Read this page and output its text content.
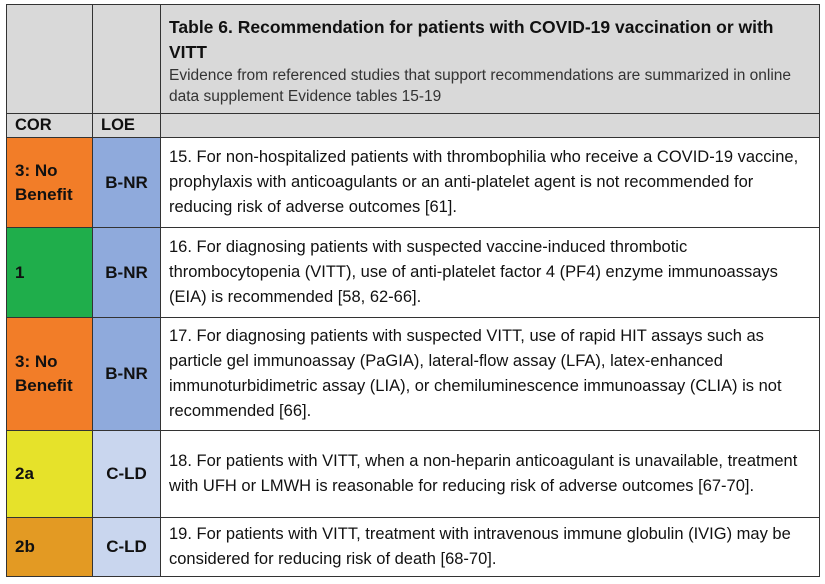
		Table 6. Recommendation for patients with COVID-19 vaccination or with VITT
Evidence from referenced studies that support recommendations are summarized in online data supplement Evidence tables 15-19

COR	LOE	
3: No Benefit	B-NR	15. For non-hospitalized patients with thrombophilia who receive a COVID-19 vaccine, prophylaxis with anticoagulants or an anti-platelet agent is not recommended for reducing risk of adverse outcomes [61].
1	B-NR	16. For diagnosing patients with suspected vaccine-induced thrombotic thrombocytopenia (VITT), use of anti-platelet factor 4 (PF4) enzyme immunoassays (EIA) is recommended [58, 62-66].
3: No Benefit	B-NR	17. For diagnosing patients with suspected VITT, use of rapid HIT assays such as particle gel immunoassay (PaGIA), lateral-flow assay (LFA), latex-enhanced immunoturbidimetric assay (LIA), or chemiluminescence immunoassay (CLIA) is not recommended [66].
2a	C-LD	18. For patients with VITT, when a non-heparin anticoagulant is unavailable, treatment with UFH or LMWH is reasonable for reducing risk of adverse outcomes [67-70].
2b	C-LD	19. For patients with VITT, treatment with intravenous immune globulin (IVIG) may be considered for reducing risk of death [68-70].
